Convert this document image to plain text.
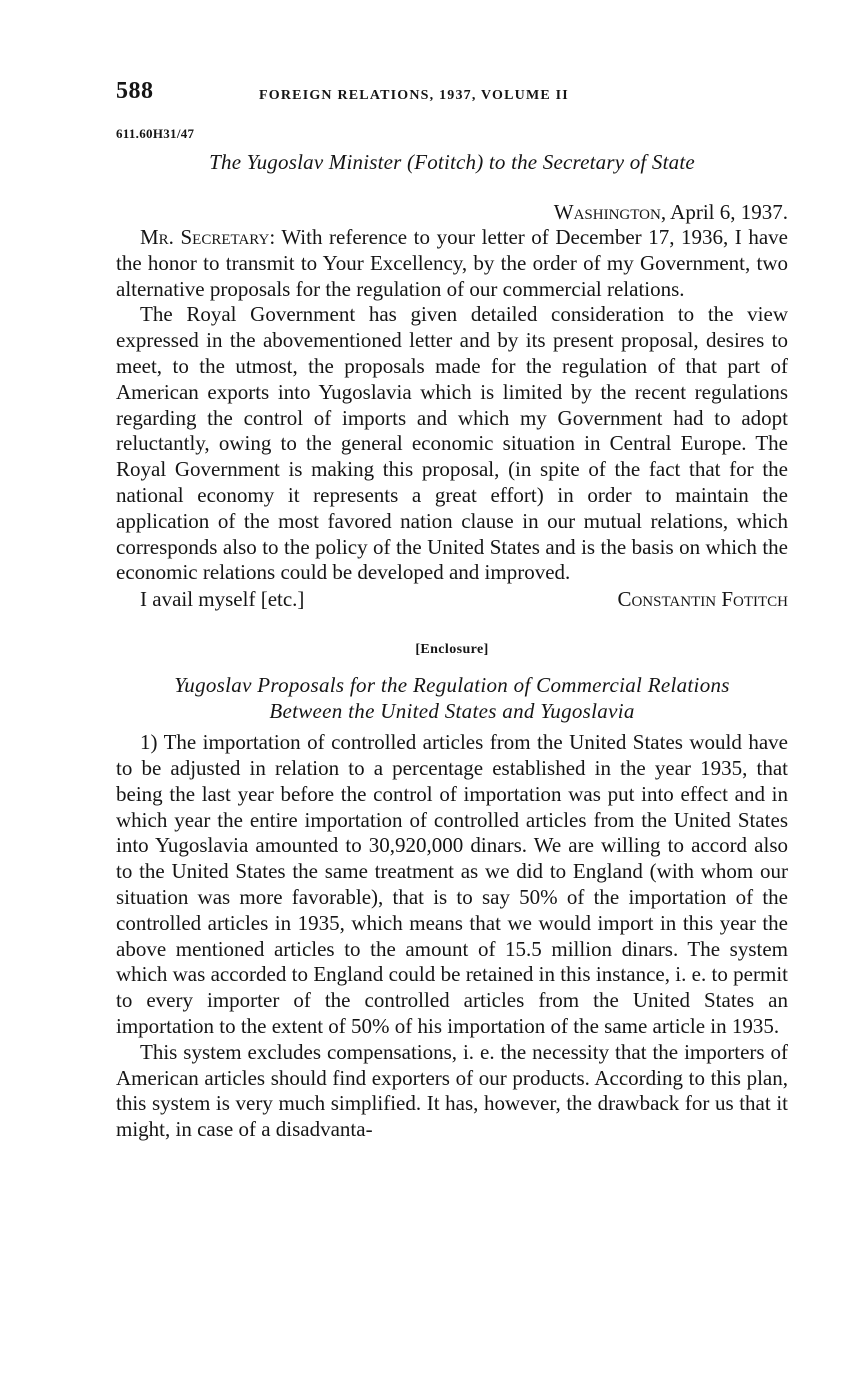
588	FOREIGN RELATIONS, 1937, VOLUME II
611.60H31/47
The Yugoslav Minister (Fotitch) to the Secretary of State
Washington, April 6, 1937.

Mr. Secretary: With reference to your letter of December 17, 1936, I have the honor to transmit to Your Excellency, by the order of my Government, two alternative proposals for the regulation of our commercial relations.

The Royal Government has given detailed consideration to the view expressed in the abovementioned letter and by its present proposal, desires to meet, to the utmost, the proposals made for the regulation of that part of American exports into Yugoslavia which is limited by the recent regulations regarding the control of imports and which my Government had to adopt reluctantly, owing to the general economic situation in Central Europe. The Royal Government is making this proposal, (in spite of the fact that for the national economy it represents a great effort) in order to maintain the application of the most favored nation clause in our mutual relations, which corresponds also to the policy of the United States and is the basis on which the economic relations could be developed and improved.

I avail myself [etc.]	Constantin Fotitch
[Enclosure]
Yugoslav Proposals for the Regulation of Commercial Relations
Between the United States and Yugoslavia

1) The importation of controlled articles from the United States would have to be adjusted in relation to a percentage established in the year 1935, that being the last year before the control of importation was put into effect and in which year the entire importation of controlled articles from the United States into Yugoslavia amounted to 30,920,000 dinars. We are willing to accord also to the United States the same treatment as we did to England (with whom our situation was more favorable), that is to say 50% of the importation of the controlled articles in 1935, which means that we would import in this year the above mentioned articles to the amount of 15.5 million dinars. The system which was accorded to England could be retained in this instance, i. e. to permit to every importer of the controlled articles from the United States an importation to the extent of 50% of his importation of the same article in 1935.

This system excludes compensations, i. e. the necessity that the importers of American articles should find exporters of our products. According to this plan, this system is very much simplified. It has, however, the drawback for us that it might, in case of a disadvanta-
